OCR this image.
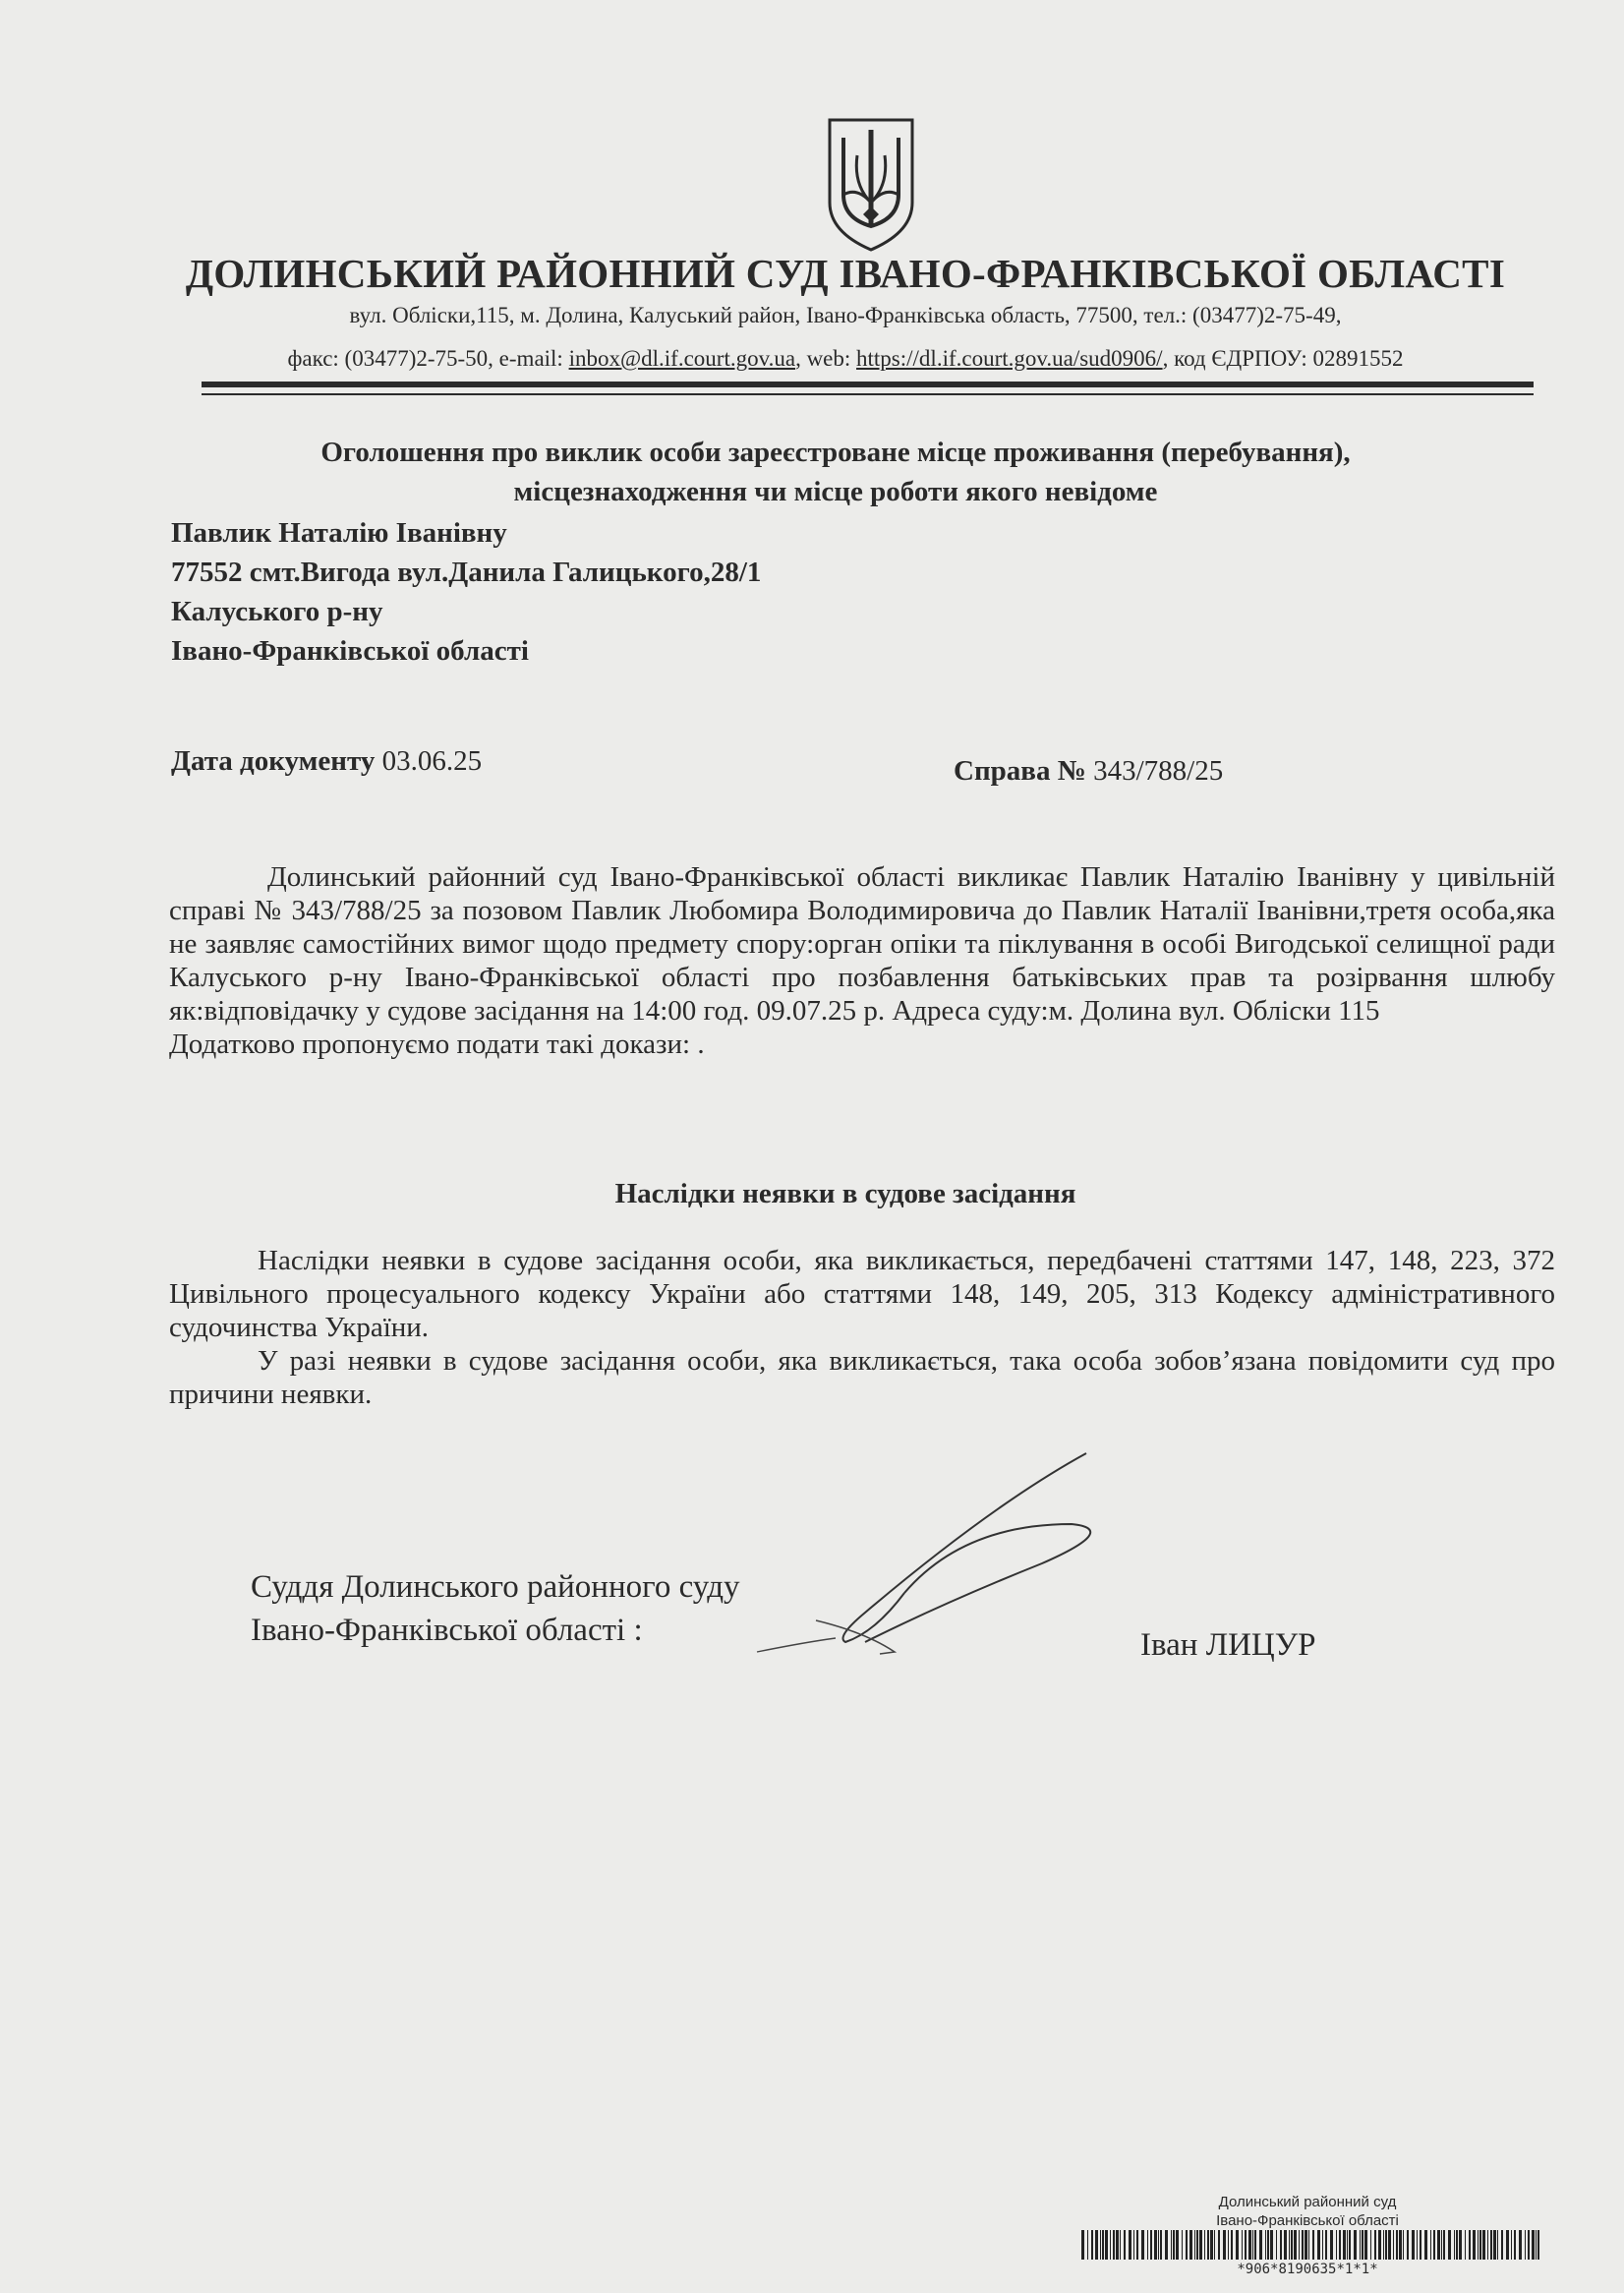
ДОЛИНСЬКИЙ РАЙОННИЙ СУД ІВАНО-ФРАНКІВСЬКОЇ ОБЛАСТІ
вул. Обліски,115, м. Долина, Калуський район, Івано-Франківська область, 77500, тел.: (03477)2-75-49,
факс: (03477)2-75-50, e-mail: inbox@dl.if.court.gov.ua, web: https://dl.if.court.gov.ua/sud0906/, код ЄДРПОУ: 02891552
Оголошення про виклик особи зареєстроване місце проживання (перебування),
місцезнаходження чи місце роботи якого невідоме
Павлик Наталію Іванівну
77552 смт.Вигода вул.Данила Галицького,28/1
Калуського р-ну
Івано-Франківської області
Дата документу 03.06.25	Справа № 343/788/25

Долинський районний суд Івано-Франківської області викликає Павлик Наталію Іванівну у цивільній справі № 343/788/25 за позовом Павлик Любомира Володимировича до Павлик Наталії Іванівни,третя особа,яка не заявляє самостійних вимог щодо предмету спору:орган опіки та піклування в особі Вигодської селищної ради Калуського р-ну Івано-Франківської області про позбавлення батьківських прав та розірвання шлюбу як:відповідачку у судове засідання на 14:00 год. 09.07.25 р. Адреса суду:м. Долина вул. Обліски 115

Додатково пропонуємо подати такі докази: .

Наслідки неявки в судове засідання

Наслідки неявки в судове засідання особи, яка викликається, передбачені статтями 147, 148, 223, 372 Цивільного процесуального кодексу України або статтями 148, 149, 205, 313 Кодексу адміністративного судочинства України.

У разі неявки в судове засідання особи, яка викликається, така особа зобов’язана повідомити суд про причини неявки.

Суддя Долинського районного суду
Івано-Франківської області :	Іван ЛИЦУР
Долинський районний суд
Івано-Франківської області
*906*8190635*1*1*
